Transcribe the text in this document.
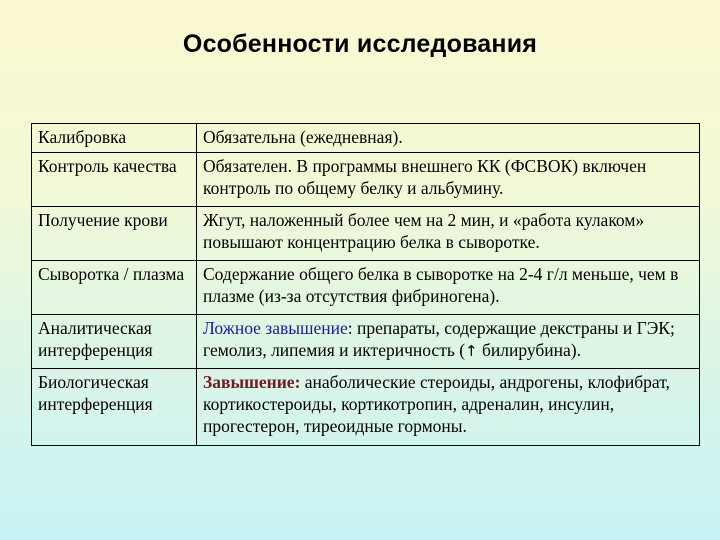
Особенности исследования
Калибровка	Обязательна (ежедневная).
Контроль качества	Обязателен. В программы внешнего КК (ФСВОК) включен контроль по общему белку и альбумину.
Получение крови	Жгут, наложенный более чем на 2 мин, и «работа кулаком» повышают концентрацию белка в сыворотке.
Сыворотка / плазма	Содержание общего белка в сыворотке на 2-4 г/л меньше, чем в плазме (из-за отсутствия фибриногена).
Аналитическая интерференция	Ложное завышение: препараты, содержащие декстраны и ГЭК; гемолиз, липемия и иктеричность (↑ билирубина).
Биологическая интерференция	Завышение: анаболические стероиды, андрогены, клофибрат, кортикостероиды, кортикотропин, адреналин, инсулин, прогестерон, тиреоидные гормоны.
